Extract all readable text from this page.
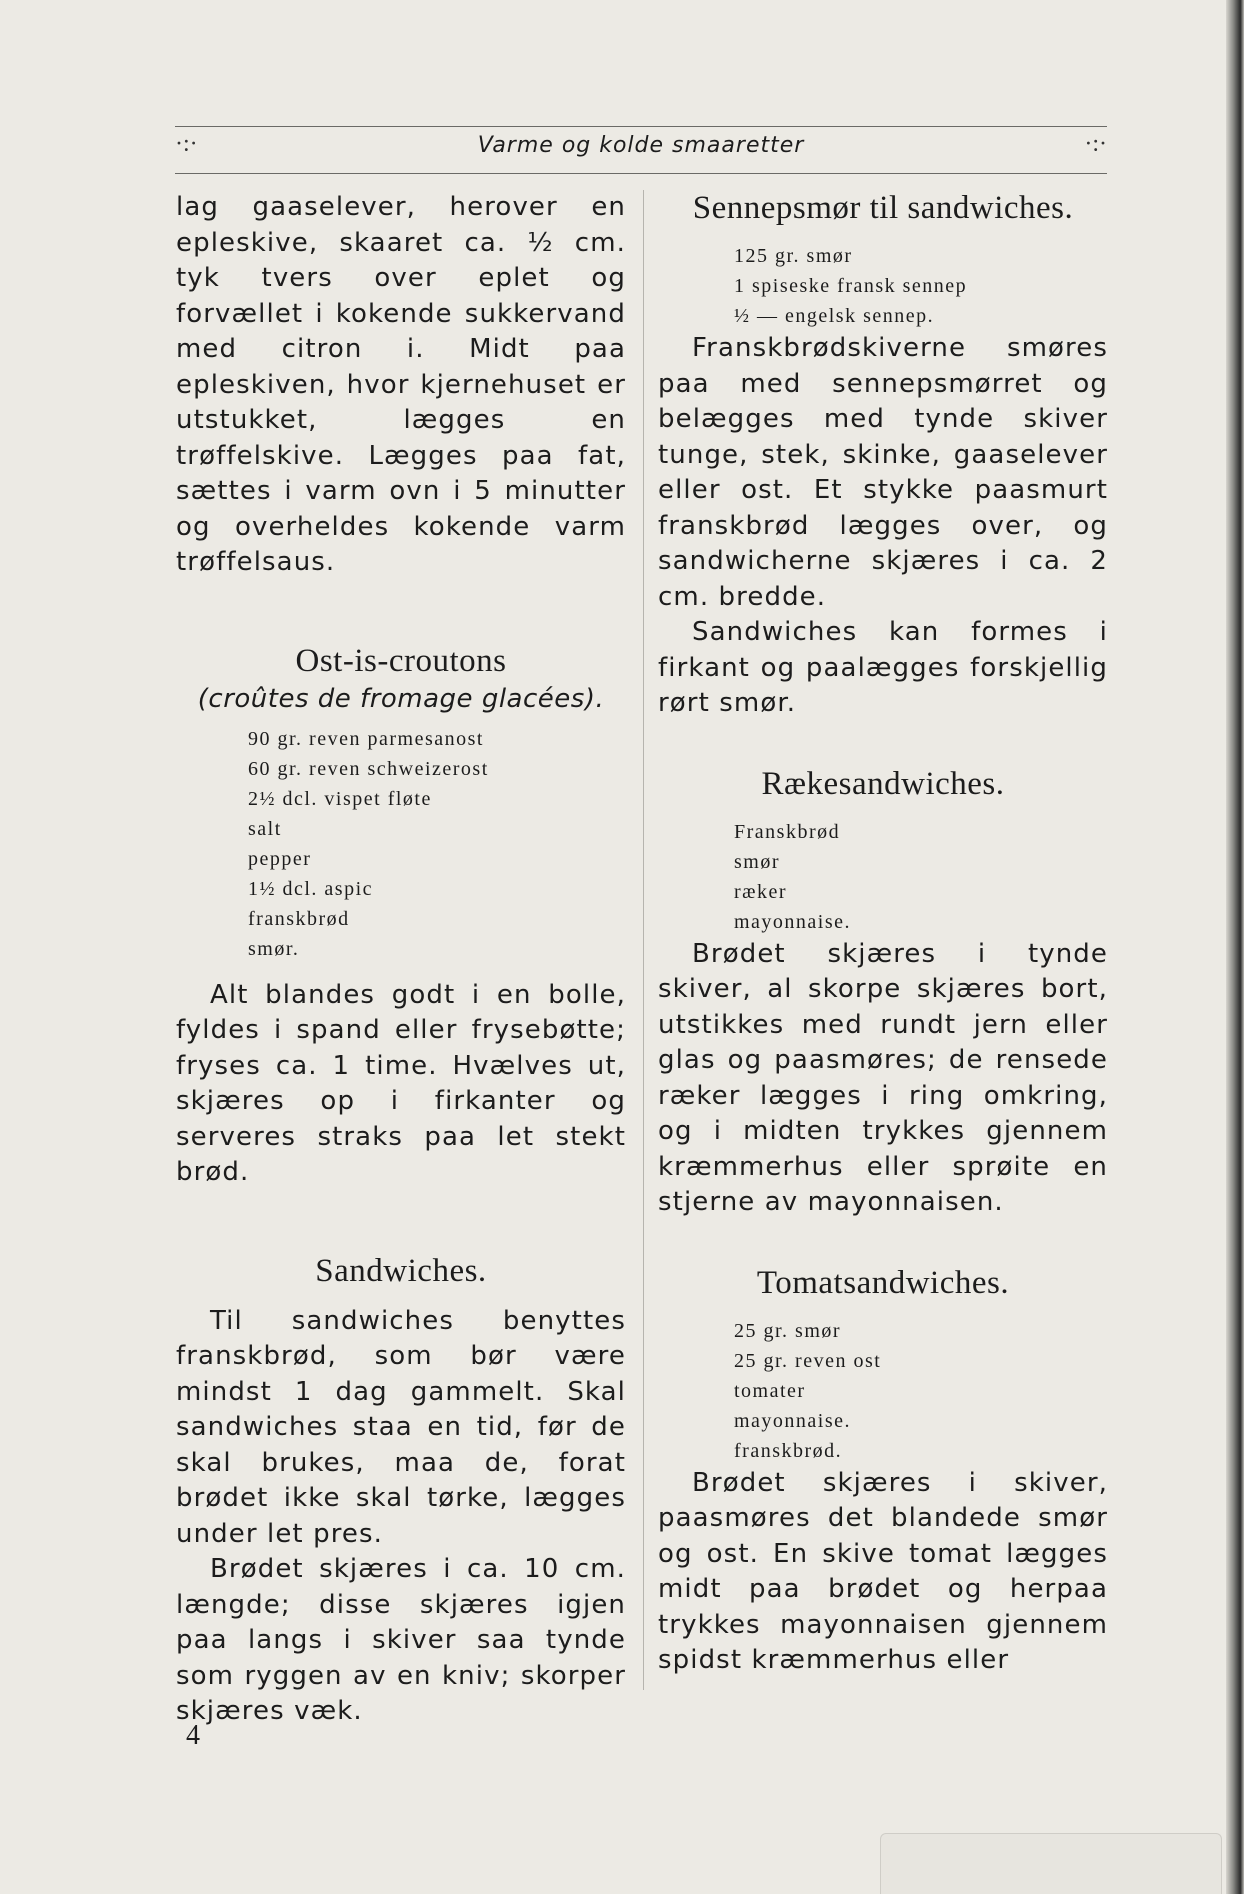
·:·	Varme og kolde smaaretter	·:·

lag gaaselever, herover en epleskive, skaaret ca. ½ cm. tyk tvers over eplet og forvællet i kokende sukkervand med citron i. Midt paa epleskiven, hvor kjernehuset er utstukket, lægges en trøffelskive. Lægges paa fat, sættes i varm ovn i 5 minutter og overheldes kokende varm trøffelsaus.

Ost-is-croutons
(croûtes de fromage glacées).
90 gr. reven parmesanost
60 gr. reven schweizerost
2½ dcl. vispet fløte
salt
pepper
1½ dcl. aspic
franskbrød
smør.

Alt blandes godt i en bolle, fyldes i spand eller frysebøtte; fryses ca. 1 time. Hvælves ut, skjæres op i firkanter og serveres straks paa let stekt brød.

Sandwiches.

Til sandwiches benyttes franskbrød, som bør være mindst 1 dag gammelt. Skal sandwiches staa en tid, før de skal brukes, maa de, forat brødet ikke skal tørke, lægges under let pres.

Brødet skjæres i ca. 10 cm. længde; disse skjæres igjen paa langs i skiver saa tynde som ryggen av en kniv; skorper skjæres væk.

Sennepsmør til sandwiches.
125 gr. smør
1 spiseske fransk sennep
½ — engelsk sennep.

Franskbrødskiverne smøres paa med sennepsmørret og belægges med tynde skiver tunge, stek, skinke, gaaselever eller ost. Et stykke paasmurt franskbrød lægges over, og sandwicherne skjæres i ca. 2 cm. bredde.

Sandwiches kan formes i firkant og paalægges forskjellig rørt smør.

Rækesandwiches.
Franskbrød
smør
ræker
mayonnaise.

Brødet skjæres i tynde skiver, al skorpe skjæres bort, utstikkes med rundt jern eller glas og paasmøres; de rensede ræker lægges i ring omkring, og i midten trykkes gjennem kræmmerhus eller sprøite en stjerne av mayonnaisen.

Tomatsandwiches.
25 gr. smør
25 gr. reven ost
tomater
mayonnaise.
franskbrød.

Brødet skjæres i skiver, paasmøres det blandede smør og ost. En skive tomat lægges midt paa brødet og herpaa trykkes mayonnaisen gjennem spidst kræmmerhus eller

4
